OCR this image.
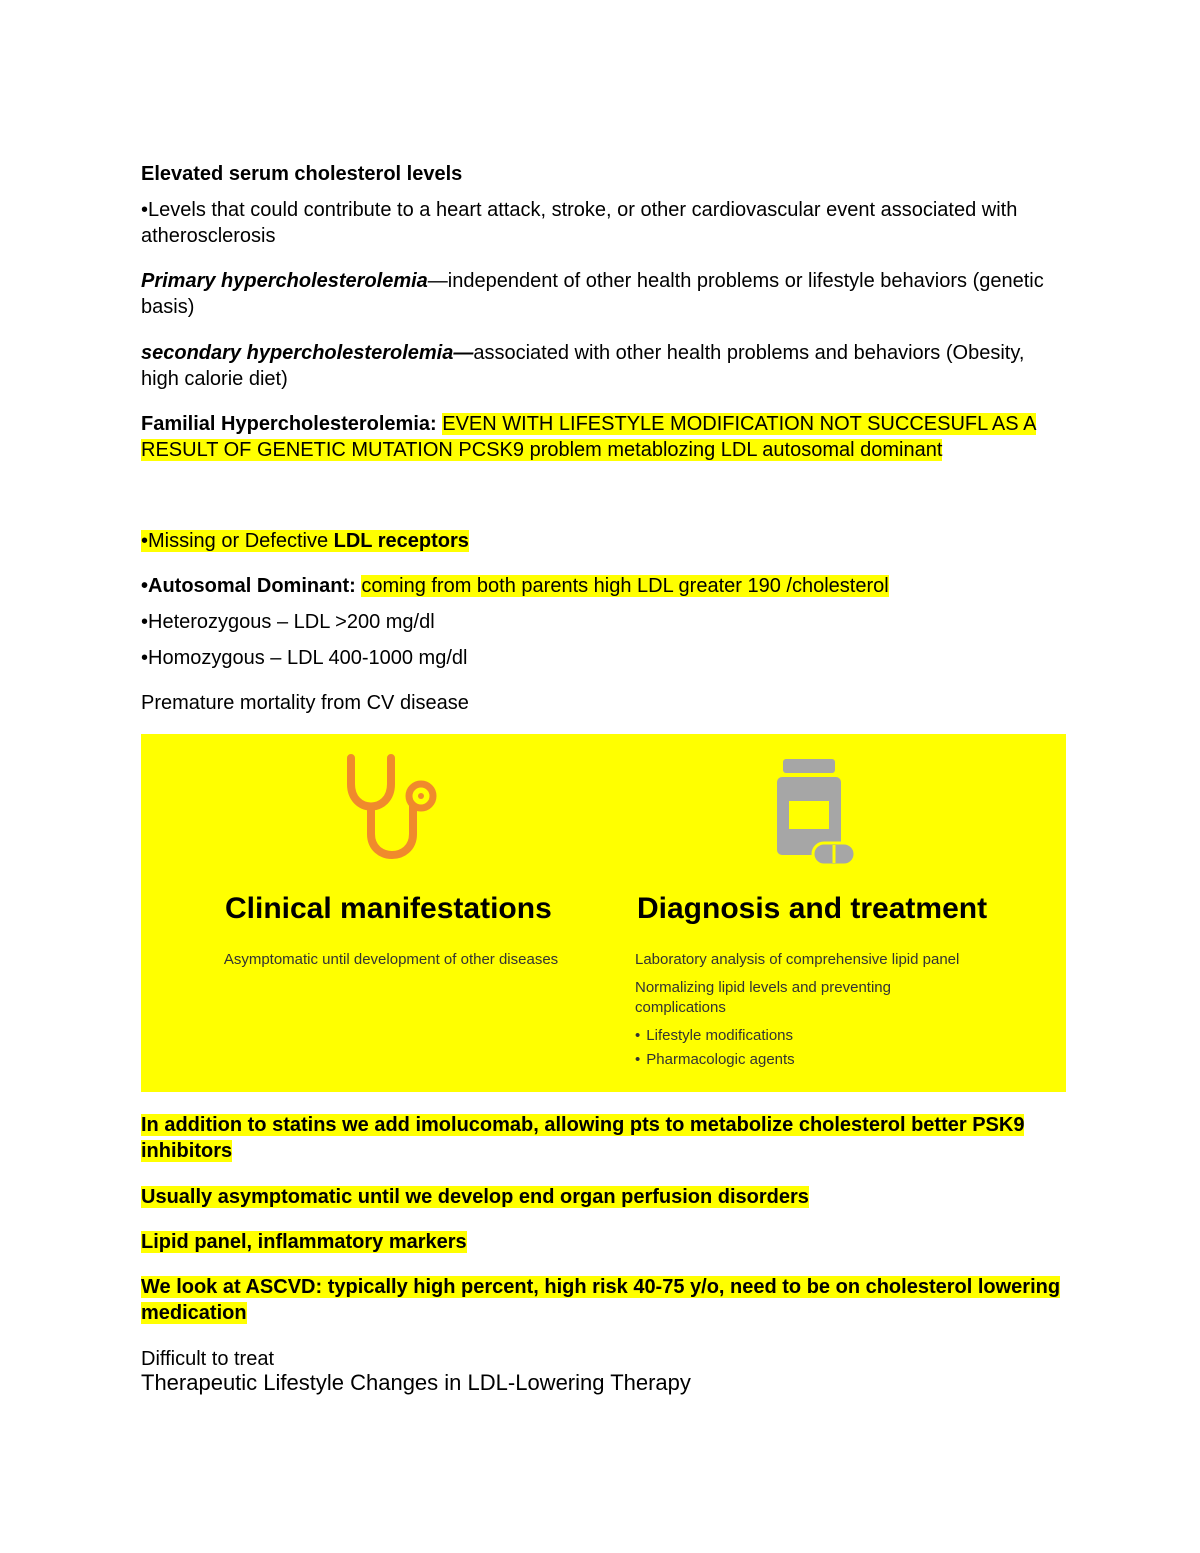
Elevated serum cholesterol levels

•Levels that could contribute to a heart attack, stroke, or other cardiovascular event associated with atherosclerosis

Primary hypercholesterolemia—independent of other health problems or lifestyle behaviors (genetic basis)

secondary hypercholesterolemia—associated with other health problems and behaviors (Obesity, high calorie diet)

Familial Hypercholesterolemia: EVEN WITH LIFESTYLE MODIFICATION NOT SUCCESUFL AS A RESULT OF GENETIC MUTATION PCSK9 problem metablozing LDL autosomal dominant

•Missing or Defective LDL receptors

•Autosomal Dominant: coming from both parents high LDL greater 190 /cholesterol

•Heterozygous – LDL >200 mg/dl

•Homozygous – LDL 400-1000 mg/dl

Premature mortality from CV disease

Clinical manifestations
Asymptomatic until development of other diseases
Diagnosis and treatment
Laboratory analysis of comprehensive lipid panel
Normalizing lipid levels and preventing complications
• Lifestyle modifications
• Pharmacologic agents

In addition to statins we add imolucomab, allowing pts to metabolize cholesterol better PSK9 inhibitors

Usually asymptomatic until we develop end organ perfusion disorders

Lipid panel, inflammatory markers

We look at ASCVD: typically high percent, high risk 40-75 y/o, need to be on cholesterol lowering medication

Difficult to treat
Therapeutic Lifestyle Changes in LDL-Lowering Therapy
